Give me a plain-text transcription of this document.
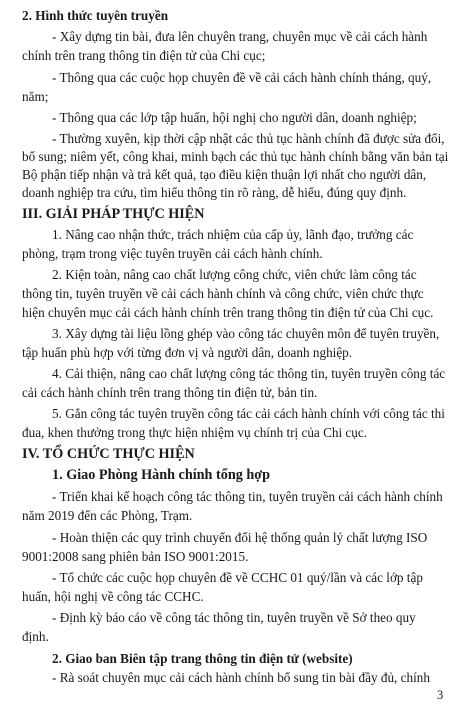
2. Hình thức tuyên truyền
- Xây dựng tin bài, đưa lên chuyên trang, chuyên mục về cải cách hành
chính trên trang thông tin điện tử của Chi cục;
- Thông qua các cuộc họp chuyên đề về cải cách hành chính tháng, quý,
năm;
- Thông qua các lớp tập huấn, hội nghị cho người dân, doanh nghiệp;
- Thường xuyên, kịp thời cập nhật các thủ tục hành chính đã được sửa đổi,
bổ sung; niêm yết, công khai, minh bạch các thủ tục hành chính bằng văn bản tại
Bộ phận tiếp nhận và trả kết quả, tạo điều kiện thuận lợi nhất cho người dân,
doanh nghiệp tra cứu, tìm hiểu thông tin rõ ràng, dễ hiểu, đúng quy định.
III. GIẢI PHÁP THỰC HIỆN
1. Nâng cao nhận thức, trách nhiệm của cấp ủy, lãnh đạo, trưởng các
phòng, trạm trong việc tuyên truyền cải cách hành chính.
2. Kiện toàn, nâng cao chất lượng công chức, viên chức làm công tác
thông tin, tuyên truyền về cải cách hành chính và công chức, viên chức thực
hiện chuyên mục cải cách hành chính trên trang thông tin điện tử của Chi cục.
3. Xây dựng tài liệu lồng ghép vào công tác chuyên môn để tuyên truyền,
tập huấn phù hợp với từng đơn vị và người dân, doanh nghiệp.
4. Cải thiện, nâng cao chất lượng công tác thông tin, tuyên truyền công tác
cải cách hành chính trên trang thông tin điện tử, bản tin.
5. Gắn công tác tuyên truyền công tác cải cách hành chính với công tác thi
đua, khen thưởng trong thực hiện nhiệm vụ chính trị của Chi cục.
IV. TỔ CHỨC THỰC HIỆN
1. Giao Phòng Hành chính tổng hợp
- Triển khai kế hoạch công tác thông tin, tuyên truyền cải cách hành chính
năm 2019 đến các Phòng, Trạm.
- Hoàn thiện các quy trình chuyển đổi hệ thống quản lý chất lượng ISO
9001:2008 sang phiên bản ISO 9001:2015.
- Tổ chức các cuộc họp chuyên đề về CCHC 01 quý/lần và các lớp tập
huấn, hội nghị về công tác CCHC.
- Định kỳ báo cáo về công tác thông tin, tuyên truyền về Sở theo quy
định.
2. Giao ban Biên tập trang thông tin điện tử (website)
- Rà soát chuyên mục cải cách hành chính bổ sung tin bài đầy đủ, chính
3
